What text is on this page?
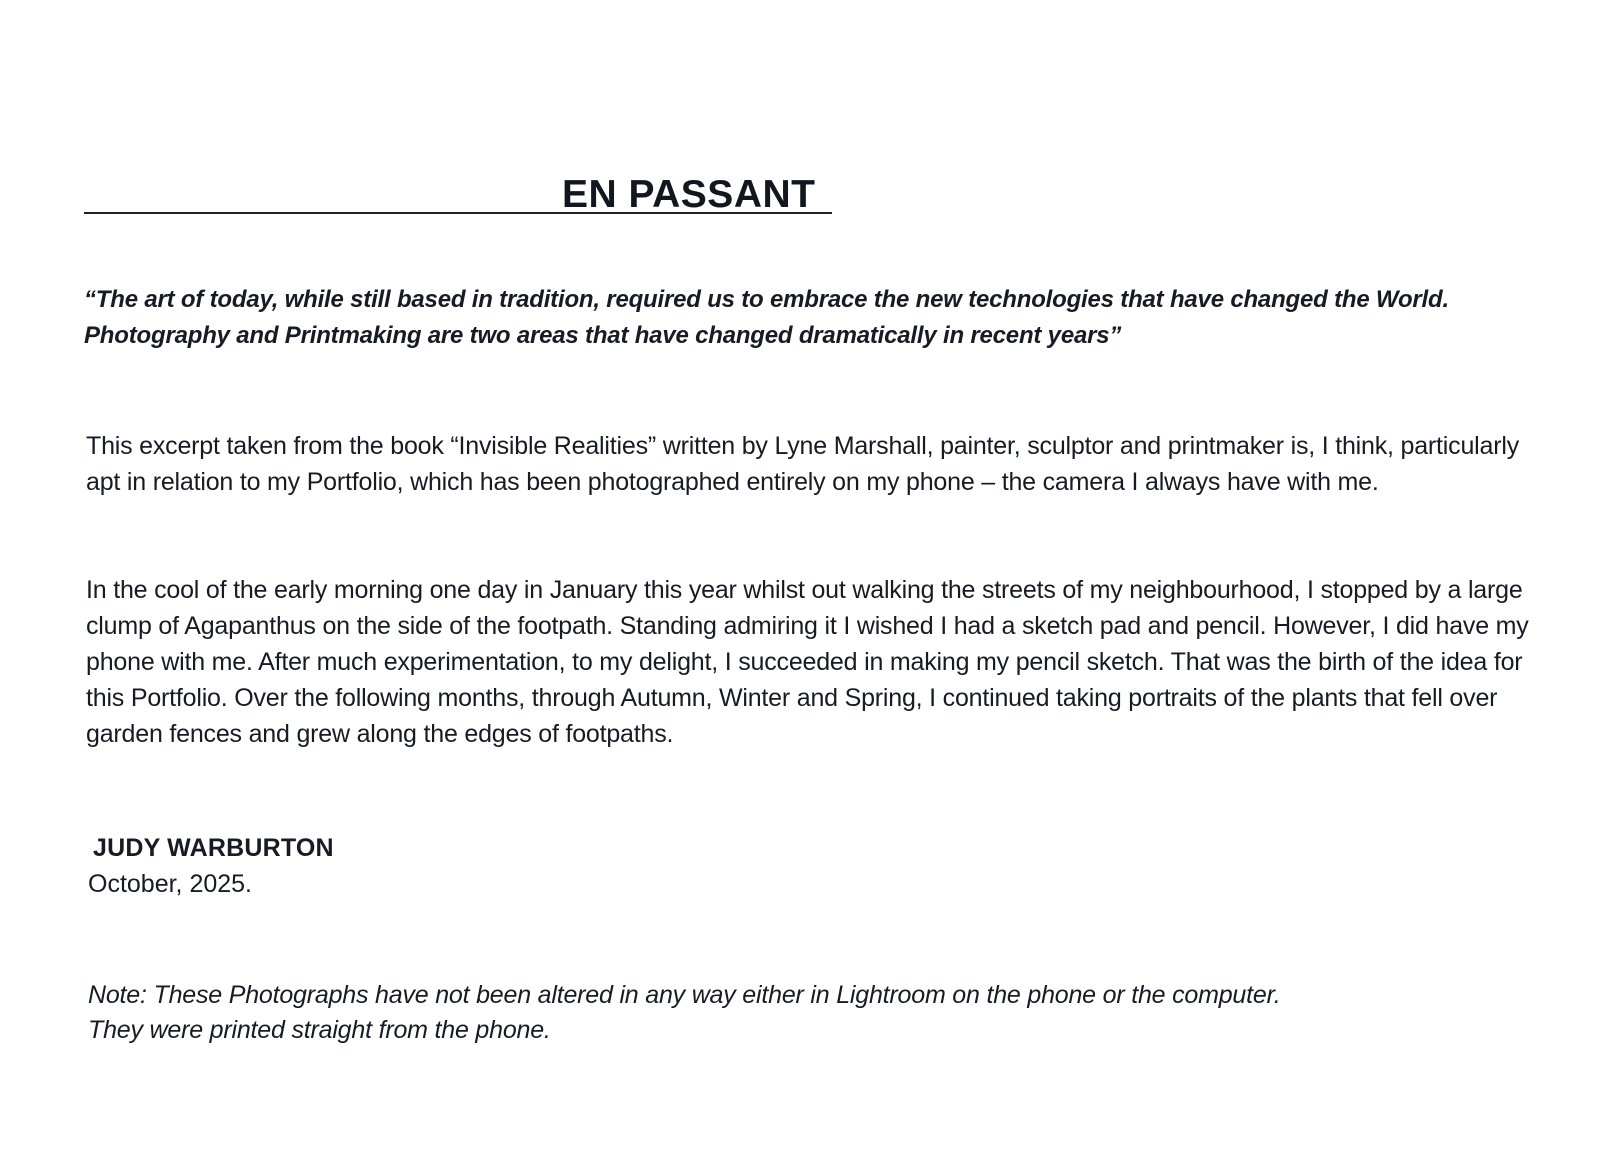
EN PASSANT

“The art of today, while still based in tradition, required us to embrace the new technologies that have changed the World. Photography and Printmaking are two areas that have changed dramatically in recent years”

This excerpt taken from the book “Invisible Realities” written by Lyne Marshall, painter, sculptor and printmaker is, I think, particularly apt in relation to my Portfolio, which has been photographed entirely on my phone – the camera I always have with me.

In the cool of the early morning one day in January this year whilst out walking the streets of my neighbourhood, I stopped by a large clump of Agapanthus on the side of the footpath. Standing admiring it I wished I had a sketch pad and pencil. However, I did have my phone with me. After much experimentation, to my delight, I succeeded in making my pencil sketch. That was the birth of the idea for this Portfolio. Over the following months, through Autumn, Winter and Spring, I continued taking portraits of the plants that fell over garden fences and grew along the edges of footpaths.

JUDY WARBURTON

October, 2025.

Note: These Photographs have not been altered in any way either in Lightroom on the phone or the computer.
They were printed straight from the phone.
